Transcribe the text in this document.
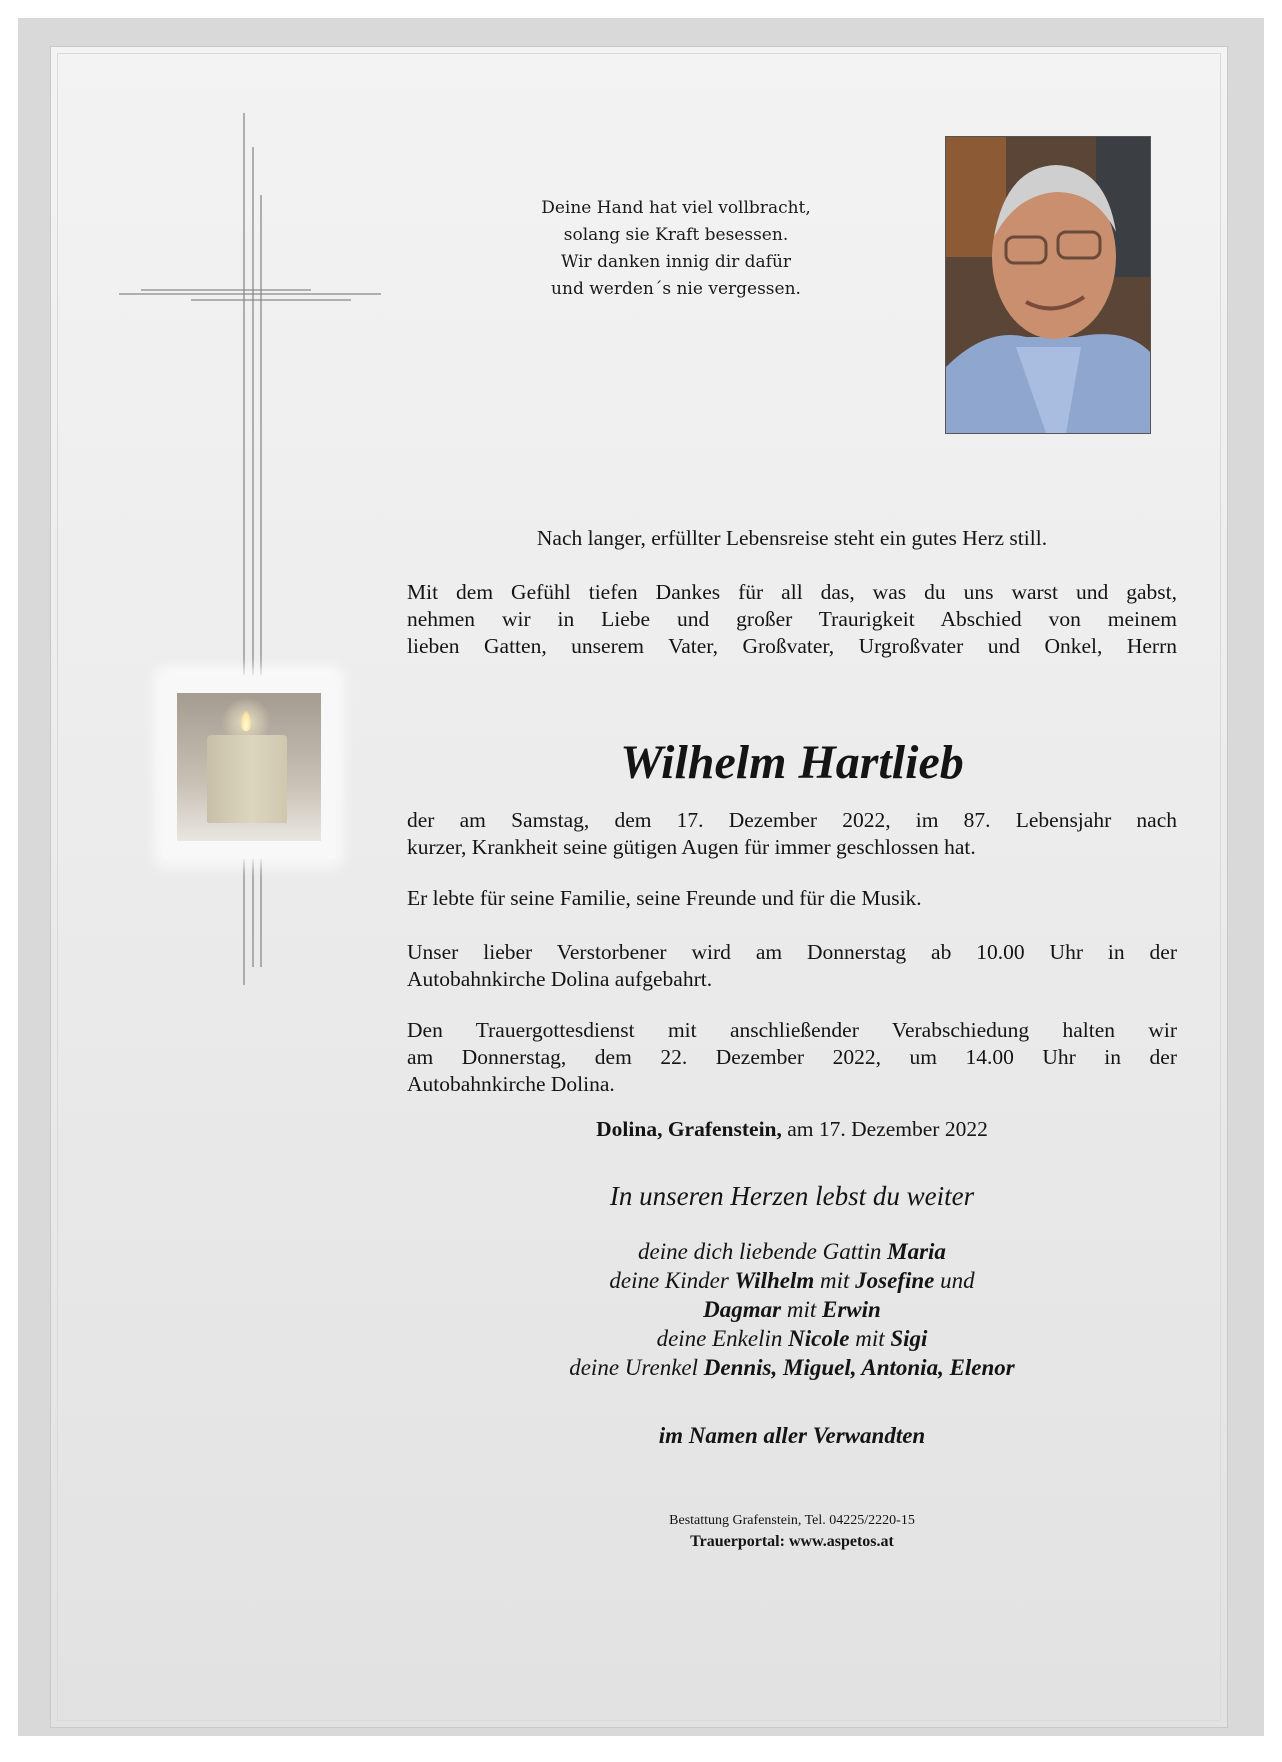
Deine Hand hat viel vollbracht,
solang sie Kraft besessen.
Wir danken innig dir dafür
und werden´s nie vergessen.
Nach langer, erfüllter Lebensreise steht ein gutes Herz still.
Mit dem Gefühl tiefen Dankes für all das, was du uns warst und gabst,
nehmen wir in Liebe und großer Traurigkeit Abschied von meinem
lieben Gatten, unserem Vater, Großvater, Urgroßvater und Onkel, Herrn
Wilhelm Hartlieb
der am Samstag, dem 17. Dezember 2022, im 87. Lebensjahr nach
kurzer, Krankheit seine gütigen Augen für immer geschlossen hat.
Er lebte für seine Familie, seine Freunde und für die Musik.
Unser lieber Verstorbener wird am Donnerstag ab 10.00 Uhr in der
Autobahnkirche Dolina aufgebahrt.
Den Trauergottesdienst mit anschließender Verabschiedung halten wir
am Donnerstag, dem 22. Dezember 2022, um 14.00 Uhr in der
Autobahnkirche Dolina.
Dolina, Grafenstein, am 17. Dezember 2022
In unseren Herzen lebst du weiter
deine dich liebende Gattin Maria
deine Kinder Wilhelm mit Josefine und
Dagmar mit Erwin
deine Enkelin Nicole mit Sigi
deine Urenkel Dennis, Miguel, Antonia, Elenor
im Namen aller Verwandten
Bestattung Grafenstein, Tel. 04225/2220-15
Trauerportal: www.aspetos.at
